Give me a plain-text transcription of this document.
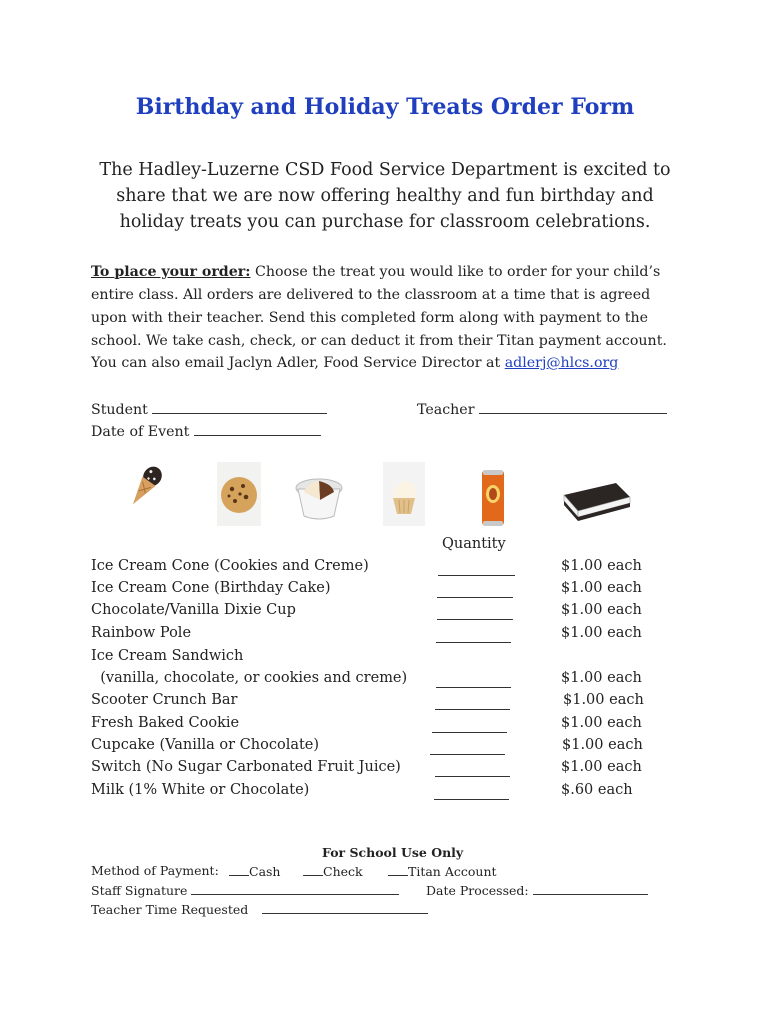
Birthday and Holiday Treats Order Form
The Hadley-Luzerne CSD Food Service Department is excited to
share that we are now offering healthy and fun birthday and
holiday treats you can purchase for classroom celebrations.
To place your order: Choose the treat you would like to order for your child’s
entire class. All orders are delivered to the classroom at a time that is agreed
upon with their teacher. Send this completed form along with payment to the
school. We take cash, check, or can deduct it from their Titan payment account.
You can also email Jaclyn Adler, Food Service Director at adlerj@hlcs.org
Student	Teacher
Date of Event
Quantity
Ice Cream Cone (Cookies and Creme)	$1.00 each
Ice Cream Cone (Birthday Cake)	$1.00 each
Chocolate/Vanilla Dixie Cup	$1.00 each
Rainbow Pole	$1.00 each
Ice Cream Sandwich
(vanilla, chocolate, or cookies and creme)	$1.00 each
Scooter Crunch Bar	$1.00 each
Fresh Baked Cookie	$1.00 each
Cupcake (Vanilla or Chocolate)	$1.00 each
Switch (No Sugar Carbonated Fruit Juice)	$1.00 each
Milk (1% White or Chocolate)	$.60 each
For School Use Only
Method of Payment:	Cash	Check	Titan Account
Staff Signature	Date Processed:
Teacher Time Requested
